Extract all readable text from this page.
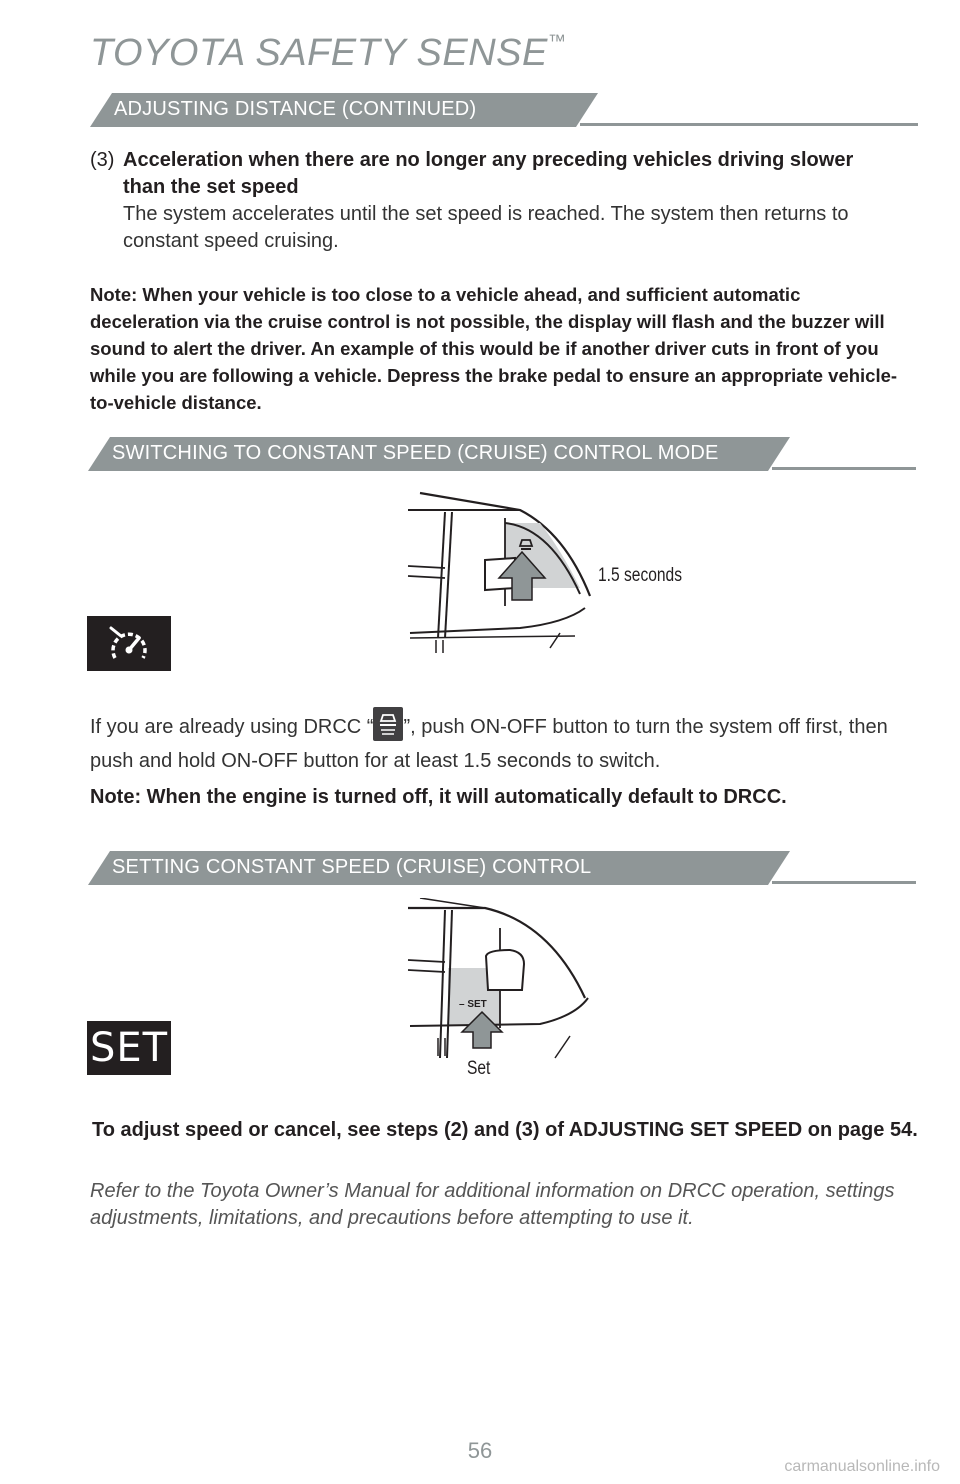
TOYOTA SAFETY SENSE™
ADJUSTING DISTANCE (CONTINUED)
(3) Acceleration when there are no longer any preceding vehicles driving slower than the set speed
The system accelerates until the set speed is reached. The system then returns to constant speed cruising.
Note: When your vehicle is too close to a vehicle ahead, and sufficient automatic deceleration via the cruise control is not possible, the display will flash and the buzzer will sound to alert the driver. An example of this would be if another driver cuts in front of you while you are following a vehicle. Depress the brake pedal to ensure an appropriate vehicle-to-vehicle distance.
SWITCHING TO CONSTANT SPEED (CRUISE) CONTROL MODE
1.5 seconds
If you are already using DRCC “ ”, push ON-OFF button to turn the system off first, then push and hold ON-OFF button for at least 1.5 seconds to switch.
Note: When the engine is turned off, it will automatically default to DRCC.
SETTING CONSTANT SPEED (CRUISE) CONTROL
SET
– SET
Set
To adjust speed or cancel, see steps (2) and (3) of ADJUSTING SET SPEED on page 54.
Refer to the Toyota Owner’s Manual for additional information on DRCC operation, settings adjustments, limitations, and precautions before attempting to use it.
56
carmanualsonline.info
